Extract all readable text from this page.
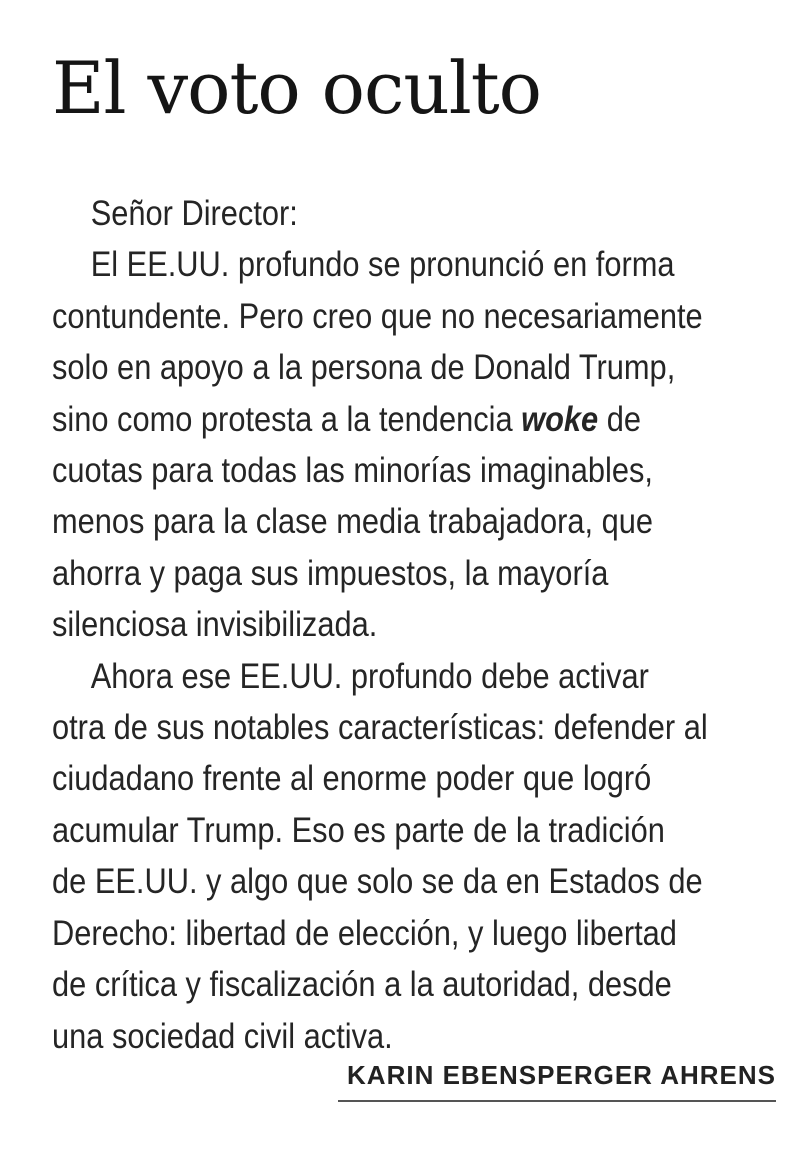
El voto oculto

Señor Director:

El EE.UU. profundo se pronunció en forma
contundente. Pero creo que no necesariamente
solo en apoyo a la persona de Donald Trump,
sino como protesta a la tendencia woke de
cuotas para todas las minorías imaginables,
menos para la clase media trabajadora, que
ahorra y paga sus impuestos, la mayoría
silenciosa invisibilizada.

Ahora ese EE.UU. profundo debe activar
otra de sus notables características: defender al
ciudadano frente al enorme poder que logró
acumular Trump. Eso es parte de la tradición
de EE.UU. y algo que solo se da en Estados de
Derecho: libertad de elección, y luego libertad
de crítica y fiscalización a la autoridad, desde
una sociedad civil activa.

KARIN EBENSPERGER AHRENS
